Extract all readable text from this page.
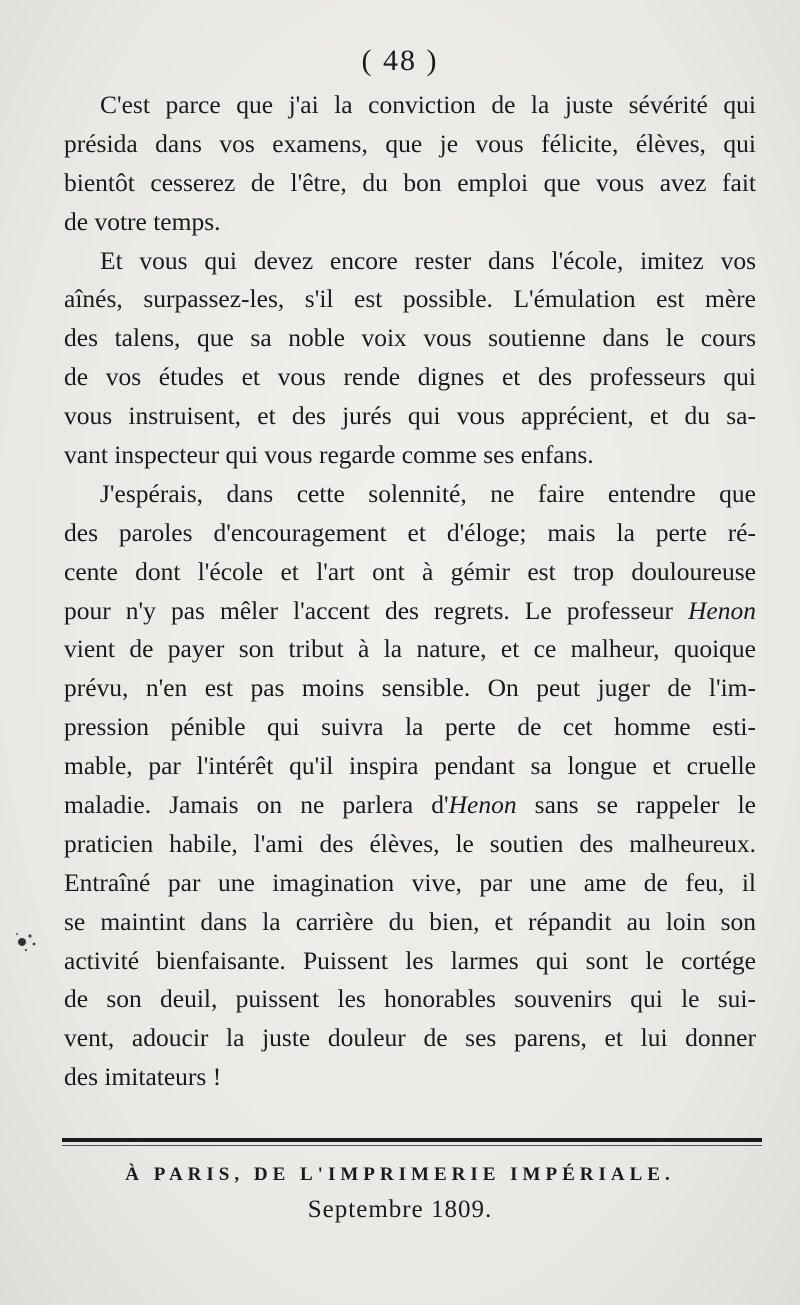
( 48 )
C'est parce que j'ai la conviction de la juste sévérité qui
présida dans vos examens, que je vous félicite, élèves, qui
bientôt cesserez de l'être, du bon emploi que vous avez fait
de votre temps.
Et vous qui devez encore rester dans l'école, imitez vos
aînés, surpassez-les, s'il est possible. L'émulation est mère
des talens, que sa noble voix vous soutienne dans le cours
de vos études et vous rende dignes et des professeurs qui
vous instruisent, et des jurés qui vous apprécient, et du sa-
vant inspecteur qui vous regarde comme ses enfans.
J'espérais, dans cette solennité, ne faire entendre que
des paroles d'encouragement et d'éloge; mais la perte ré-
cente dont l'école et l'art ont à gémir est trop douloureuse
pour n'y pas mêler l'accent des regrets. Le professeur Henon
vient de payer son tribut à la nature, et ce malheur, quoique
prévu, n'en est pas moins sensible. On peut juger de l'im-
pression pénible qui suivra la perte de cet homme esti-
mable, par l'intérêt qu'il inspira pendant sa longue et cruelle
maladie. Jamais on ne parlera d'Henon sans se rappeler le
praticien habile, l'ami des élèves, le soutien des malheureux.
Entraîné par une imagination vive, par une ame de feu, il
se maintint dans la carrière du bien, et répandit au loin son
activité bienfaisante. Puissent les larmes qui sont le cortége
de son deuil, puissent les honorables souvenirs qui le sui-
vent, adoucir la juste douleur de ses parens, et lui donner
des imitateurs !
À PARIS, DE L'IMPRIMERIE IMPÉRIALE.
Septembre 1809.
